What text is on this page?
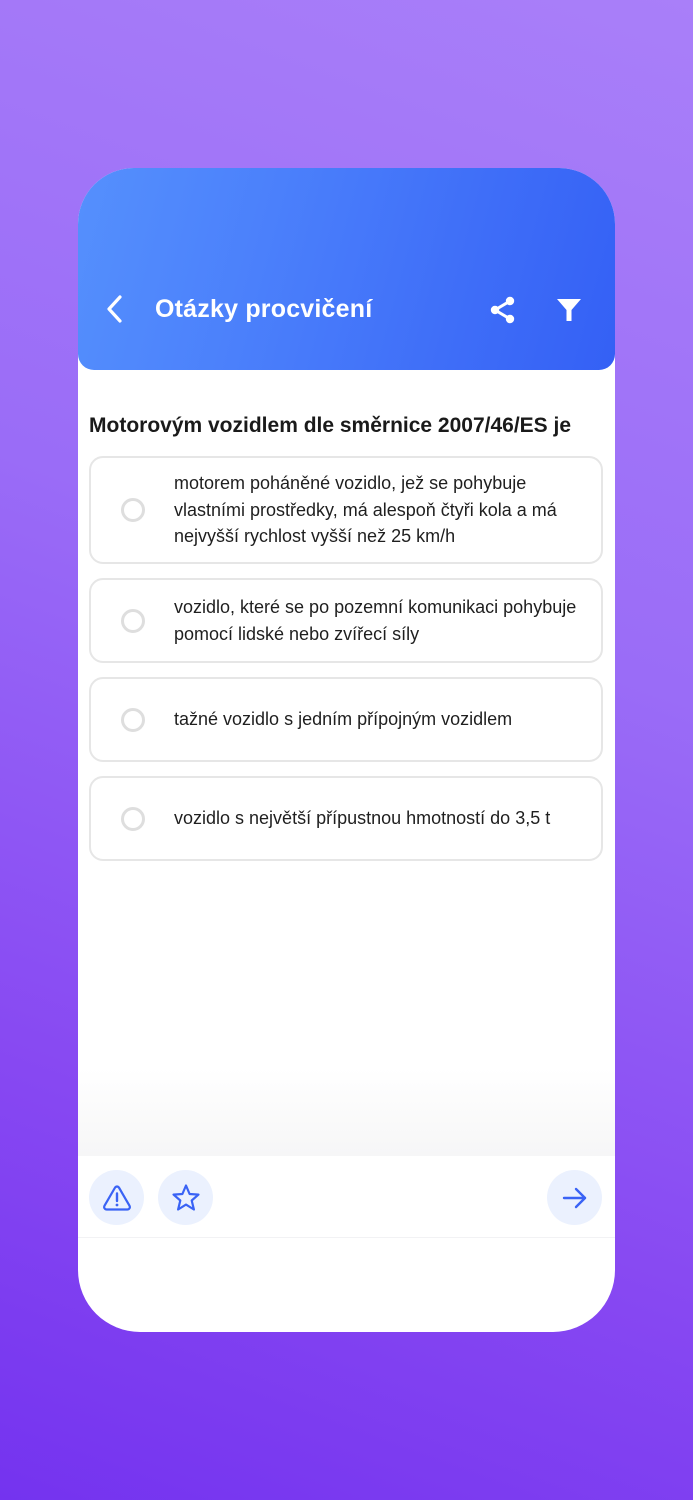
Otázky procvičení
Motorovým vozidlem dle směrnice 2007/46/ES je
motorem poháněné vozidlo, jež se pohybuje vlastními prostředky, má alespoň čtyři kola a má nejvyšší rychlost vyšší než 25 km/h
vozidlo, které se po pozemní komunikaci pohybuje pomocí lidské nebo zvířecí síly
tažné vozidlo s jedním přípojným vozidlem
vozidlo s největší přípustnou hmotností do 3,5 t
